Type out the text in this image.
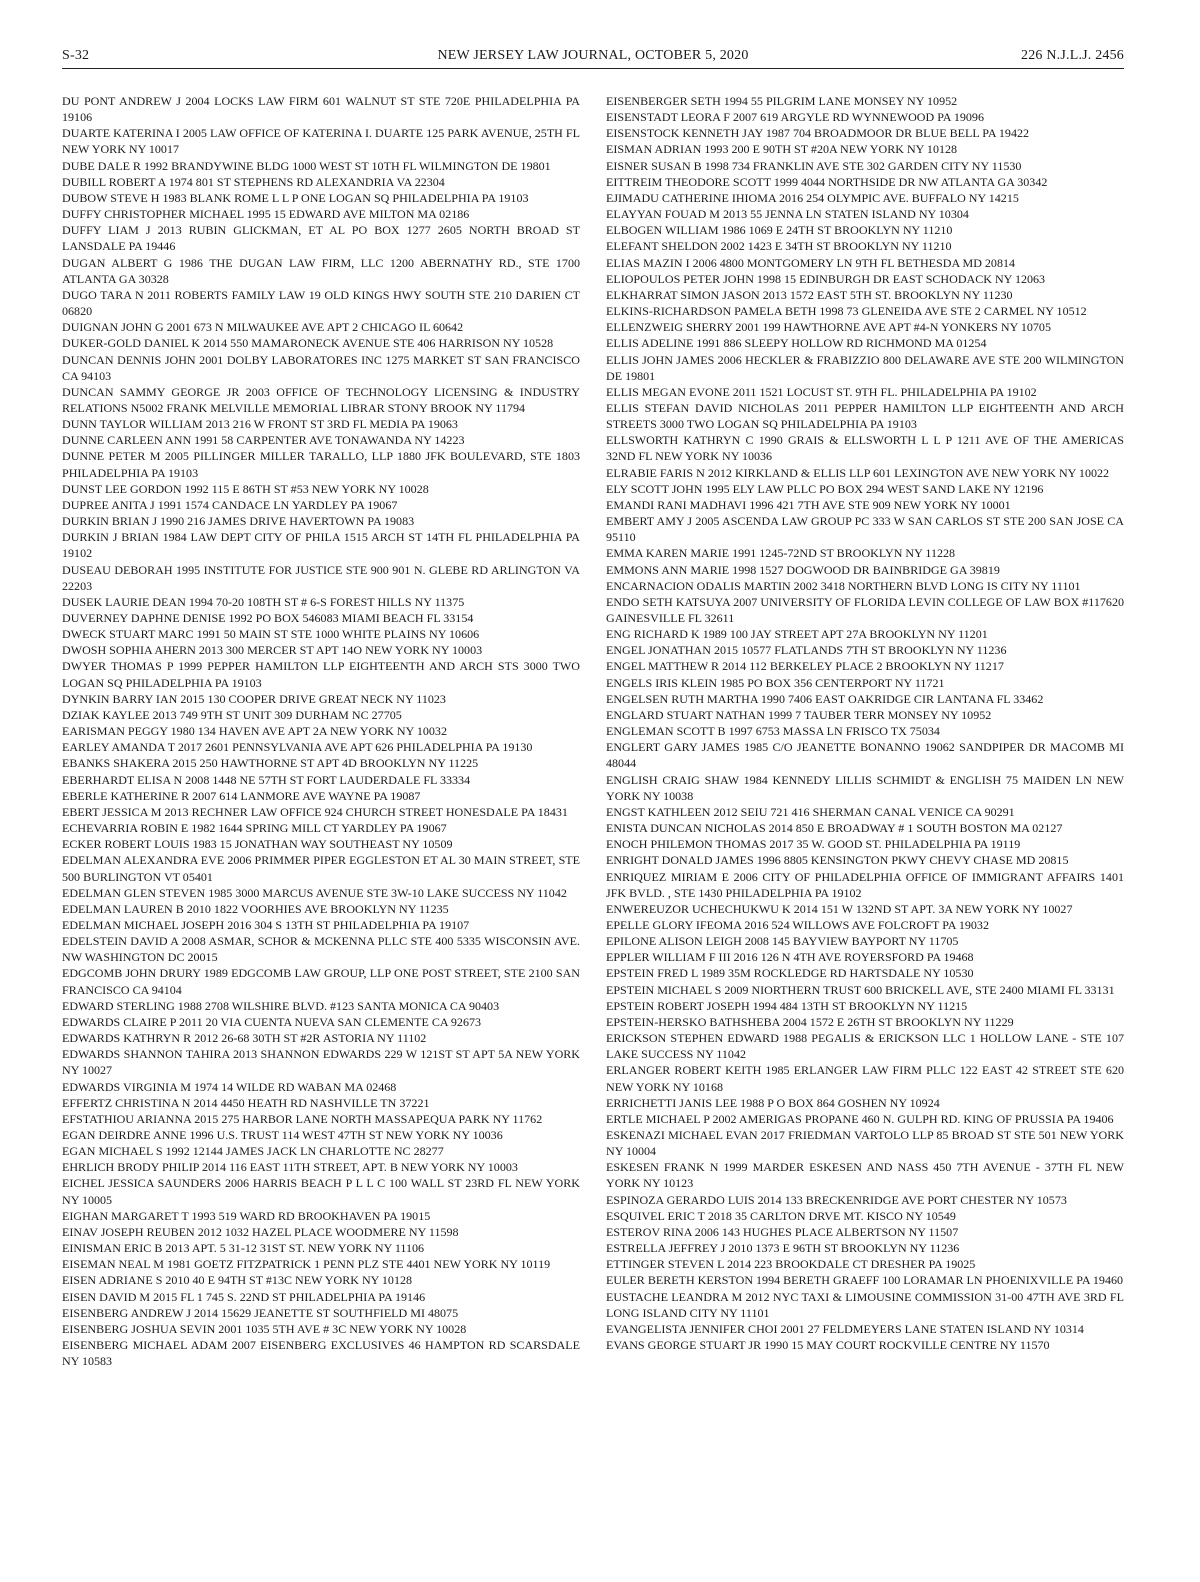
S-32	NEW JERSEY LAW JOURNAL, OCTOBER 5, 2020	226 N.J.L.J. 2456
DU PONT ANDREW J 2004 LOCKS LAW FIRM 601 WALNUT ST STE 720E PHILADELPHIA PA 19106
DUARTE KATERINA I 2005 LAW OFFICE OF KATERINA I. DUARTE 125 PARK AVENUE, 25TH FL NEW YORK NY 10017
DUBE DALE R 1992 BRANDYWINE BLDG 1000 WEST ST 10TH FL WILMINGTON DE 19801
DUBILL ROBERT A 1974 801 ST STEPHENS RD ALEXANDRIA VA 22304
DUBOW STEVE H 1983 BLANK ROME L L P ONE LOGAN SQ PHILADELPHIA PA 19103
DUFFY CHRISTOPHER MICHAEL 1995 15 EDWARD AVE MILTON MA 02186
DUFFY LIAM J 2013 RUBIN GLICKMAN, ET AL PO BOX 1277 2605 NORTH BROAD ST LANSDALE PA 19446
DUGAN ALBERT G 1986 THE DUGAN LAW FIRM, LLC 1200 ABERNATHY RD., STE 1700 ATLANTA GA 30328
DUGO TARA N 2011 ROBERTS FAMILY LAW 19 OLD KINGS HWY SOUTH STE 210 DARIEN CT 06820
DUIGNAN JOHN G 2001 673 N MILWAUKEE AVE APT 2 CHICAGO IL 60642
DUKER-GOLD DANIEL K 2014 550 MAMARONECK AVENUE STE 406 HARRISON NY 10528
DUNCAN DENNIS JOHN 2001 DOLBY LABORATORES INC 1275 MARKET ST SAN FRANCISCO CA 94103
DUNCAN SAMMY GEORGE JR 2003 OFFICE OF TECHNOLOGY LICENSING & INDUSTRY RELATIONS N5002 FRANK MELVILLE MEMORIAL LIBRAR STONY BROOK NY 11794
DUNN TAYLOR WILLIAM 2013 216 W FRONT ST 3RD FL MEDIA PA 19063
DUNNE CARLEEN ANN 1991 58 CARPENTER AVE TONAWANDA NY 14223
DUNNE PETER M 2005 PILLINGER MILLER TARALLO, LLP 1880 JFK BOULEVARD, STE 1803 PHILADELPHIA PA 19103
DUNST LEE GORDON 1992 115 E 86TH ST #53 NEW YORK NY 10028
DUPREE ANITA J 1991 1574 CANDACE LN YARDLEY PA 19067
DURKIN BRIAN J 1990 216 JAMES DRIVE HAVERTOWN PA 19083
DURKIN J BRIAN 1984 LAW DEPT CITY OF PHILA 1515 ARCH ST 14TH FL PHILADELPHIA PA 19102
DUSEAU DEBORAH 1995 INSTITUTE FOR JUSTICE STE 900 901 N. GLEBE RD ARLINGTON VA 22203
DUSEK LAURIE DEAN 1994 70-20 108TH ST # 6-S FOREST HILLS NY 11375
DUVERNEY DAPHNE DENISE 1992 PO BOX 546083 MIAMI BEACH FL 33154
DWECK STUART MARC 1991 50 MAIN ST STE 1000 WHITE PLAINS NY 10606
DWOSH SOPHIA AHERN 2013 300 MERCER ST APT 14O NEW YORK NY 10003
DWYER THOMAS P 1999 PEPPER HAMILTON LLP EIGHTEENTH AND ARCH STS 3000 TWO LOGAN SQ PHILADELPHIA PA 19103
DYNKIN BARRY IAN 2015 130 COOPER DRIVE GREAT NECK NY 11023
DZIAK KAYLEE 2013 749 9TH ST UNIT 309 DURHAM NC 27705
EARISMAN PEGGY 1980 134 HAVEN AVE APT 2A NEW YORK NY 10032
EARLEY AMANDA T 2017 2601 PENNSYLVANIA AVE APT 626 PHILADELPHIA PA 19130
EBANKS SHAKERA 2015 250 HAWTHORNE ST APT 4D BROOKLYN NY 11225
EBERHARDT ELISA N 2008 1448 NE 57TH ST FORT LAUDERDALE FL 33334
EBERLE KATHERINE R 2007 614 LANMORE AVE WAYNE PA 19087
EBERT JESSICA M 2013 RECHNER LAW OFFICE 924 CHURCH STREET HONESDALE PA 18431
ECHEVARRIA ROBIN E 1982 1644 SPRING MILL CT YARDLEY PA 19067
ECKER ROBERT LOUIS 1983 15 JONATHAN WAY SOUTHEAST NY 10509
EDELMAN ALEXANDRA EVE 2006 PRIMMER PIPER EGGLESTON ET AL 30 MAIN STREET, STE 500 BURLINGTON VT 05401
EDELMAN GLEN STEVEN 1985 3000 MARCUS AVENUE STE 3W-10 LAKE SUCCESS NY 11042
EDELMAN LAUREN B 2010 1822 VOORHIES AVE BROOKLYN NY 11235
EDELMAN MICHAEL JOSEPH 2016 304 S 13TH ST PHILADELPHIA PA 19107
EDELSTEIN DAVID A 2008 ASMAR, SCHOR & MCKENNA PLLC STE 400 5335 WISCONSIN AVE. NW WASHINGTON DC 20015
EDGCOMB JOHN DRURY 1989 EDGCOMB LAW GROUP, LLP ONE POST STREET, STE 2100 SAN FRANCISCO CA 94104
EDWARD STERLING 1988 2708 WILSHIRE BLVD. #123 SANTA MONICA CA 90403
EDWARDS CLAIRE P 2011 20 VIA CUENTA NUEVA SAN CLEMENTE CA 92673
EDWARDS KATHRYN R 2012 26-68 30TH ST #2R ASTORIA NY 11102
EDWARDS SHANNON TAHIRA 2013 SHANNON EDWARDS 229 W 121ST ST APT 5A NEW YORK NY 10027
EDWARDS VIRGINIA M 1974 14 WILDE RD WABAN MA 02468
EFFERTZ CHRISTINA N 2014 4450 HEATH RD NASHVILLE TN 37221
EFSTATHIOU ARIANNA 2015 275 HARBOR LANE NORTH MASSAPEQUA PARK NY 11762
EGAN DEIRDRE ANNE 1996 U.S. TRUST 114 WEST 47TH ST NEW YORK NY 10036
EGAN MICHAEL S 1992 12144 JAMES JACK LN CHARLOTTE NC 28277
EHRLICH BRODY PHILIP 2014 116 EAST 11TH STREET, APT. B NEW YORK NY 10003
EICHEL JESSICA SAUNDERS 2006 HARRIS BEACH P L L C 100 WALL ST 23RD FL NEW YORK NY 10005
EIGHAN MARGARET T 1993 519 WARD RD BROOKHAVEN PA 19015
EINAV JOSEPH REUBEN 2012 1032 HAZEL PLACE WOODMERE NY 11598
EINISMAN ERIC B 2013 APT. 5 31-12 31ST ST. NEW YORK NY 11106
EISEMAN NEAL M 1981 GOETZ FITZPATRICK 1 PENN PLZ STE 4401 NEW YORK NY 10119
EISEN ADRIANE S 2010 40 E 94TH ST #13C NEW YORK NY 10128
EISEN DAVID M 2015 FL 1 745 S. 22ND ST PHILADELPHIA PA 19146
EISENBERG ANDREW J 2014 15629 JEANETTE ST SOUTHFIELD MI 48075
EISENBERG JOSHUA SEVIN 2001 1035 5TH AVE # 3C NEW YORK NY 10028
EISENBERG MICHAEL ADAM 2007 EISENBERG EXCLUSIVES 46 HAMPTON RD SCARSDALE NY 10583
EISENBERGER SETH 1994 55 PILGRIM LANE MONSEY NY 10952
EISENSTADT LEORA F 2007 619 ARGYLE RD WYNNEWOOD PA 19096
EISENSTOCK KENNETH JAY 1987 704 BROADMOOR DR BLUE BELL PA 19422
EISMAN ADRIAN 1993 200 E 90TH ST #20A NEW YORK NY 10128
EISNER SUSAN B 1998 734 FRANKLIN AVE STE 302 GARDEN CITY NY 11530
EITTREIM THEODORE SCOTT 1999 4044 NORTHSIDE DR NW ATLANTA GA 30342
EJIMADU CATHERINE IHIOMA 2016 254 OLYMPIC AVE. BUFFALO NY 14215
ELAYYAN FOUAD M 2013 55 JENNA LN STATEN ISLAND NY 10304
ELBOGEN WILLIAM 1986 1069 E 24TH ST BROOKLYN NY 11210
ELEFANT SHELDON 2002 1423 E 34TH ST BROOKLYN NY 11210
ELIAS MAZIN I 2006 4800 MONTGOMERY LN 9TH FL BETHESDA MD 20814
ELIOPOULOS PETER JOHN 1998 15 EDINBURGH DR EAST SCHODACK NY 12063
ELKHARRAT SIMON JASON 2013 1572 EAST 5TH ST. BROOKLYN NY 11230
ELKINS-RICHARDSON PAMELA BETH 1998 73 GLENEIDA AVE STE 2 CARMEL NY 10512
ELLENZWEIG SHERRY 2001 199 HAWTHORNE AVE APT #4-N YONKERS NY 10705
ELLIS ADELINE 1991 886 SLEEPY HOLLOW RD RICHMOND MA 01254
ELLIS JOHN JAMES 2006 HECKLER & FRABIZZIO 800 DELAWARE AVE STE 200 WILMINGTON DE 19801
ELLIS MEGAN EVONE 2011 1521 LOCUST ST. 9TH FL. PHILADELPHIA PA 19102
ELLIS STEFAN DAVID NICHOLAS 2011 PEPPER HAMILTON LLP EIGHTEENTH AND ARCH STREETS 3000 TWO LOGAN SQ PHILADELPHIA PA 19103
ELLSWORTH KATHRYN C 1990 GRAIS & ELLSWORTH L L P 1211 AVE OF THE AMERICAS 32ND FL NEW YORK NY 10036
ELRABIE FARIS N 2012 KIRKLAND & ELLIS LLP 601 LEXINGTON AVE NEW YORK NY 10022
ELY SCOTT JOHN 1995 ELY LAW PLLC PO BOX 294 WEST SAND LAKE NY 12196
EMANDI RANI MADHAVI 1996 421 7TH AVE STE 909 NEW YORK NY 10001
EMBERT AMY J 2005 ASCENDA LAW GROUP PC 333 W SAN CARLOS ST STE 200 SAN JOSE CA 95110
EMMA KAREN MARIE 1991 1245-72ND ST BROOKLYN NY 11228
EMMONS ANN MARIE 1998 1527 DOGWOOD DR BAINBRIDGE GA 39819
ENCARNACION ODALIS MARTIN 2002 3418 NORTHERN BLVD LONG IS CITY NY 11101
ENDO SETH KATSUYA 2007 UNIVERSITY OF FLORIDA LEVIN COLLEGE OF LAW BOX #117620 GAINESVILLE FL 32611
ENG RICHARD K 1989 100 JAY STREET APT 27A BROOKLYN NY 11201
ENGEL JONATHAN 2015 10577 FLATLANDS 7TH ST BROOKLYN NY 11236
ENGEL MATTHEW R 2014 112 BERKELEY PLACE 2 BROOKLYN NY 11217
ENGELS IRIS KLEIN 1985 PO BOX 356 CENTERPORT NY 11721
ENGELSEN RUTH MARTHA 1990 7406 EAST OAKRIDGE CIR LANTANA FL 33462
ENGLARD STUART NATHAN 1999 7 TAUBER TERR MONSEY NY 10952
ENGLEMAN SCOTT B 1997 6753 MASSA LN FRISCO TX 75034
ENGLERT GARY JAMES 1985 C/O JEANETTE BONANNO 19062 SANDPIPER DR MACOMB MI 48044
ENGLISH CRAIG SHAW 1984 KENNEDY LILLIS SCHMIDT & ENGLISH 75 MAIDEN LN NEW YORK NY 10038
ENGST KATHLEEN 2012 SEIU 721 416 SHERMAN CANAL VENICE CA 90291
ENISTA DUNCAN NICHOLAS 2014 850 E BROADWAY # 1 SOUTH BOSTON MA 02127
ENOCH PHILEMON THOMAS 2017 35 W. GOOD ST. PHILADELPHIA PA 19119
ENRIGHT DONALD JAMES 1996 8805 KENSINGTON PKWY CHEVY CHASE MD 20815
ENRIQUEZ MIRIAM E 2006 CITY OF PHILADELPHIA OFFICE OF IMMIGRANT AFFAIRS 1401 JFK BVLD. , STE 1430 PHILADELPHIA PA 19102
ENWEREUZOR UCHECHUKWU K 2014 151 W 132ND ST APT. 3A NEW YORK NY 10027
EPELLE GLORY IFEOMA 2016 524 WILLOWS AVE FOLCROFT PA 19032
EPILONE ALISON LEIGH 2008 145 BAYVIEW BAYPORT NY 11705
EPPLER WILLIAM F III 2016 126 N 4TH AVE ROYERSFORD PA 19468
EPSTEIN FRED L 1989 35M ROCKLEDGE RD HARTSDALE NY 10530
EPSTEIN MICHAEL S 2009 NIORTHERN TRUST 600 BRICKELL AVE, STE 2400 MIAMI FL 33131
EPSTEIN ROBERT JOSEPH 1994 484 13TH ST BROOKLYN NY 11215
EPSTEIN-HERSKO BATHSHEBA 2004 1572 E 26TH ST BROOKLYN NY 11229
ERICKSON STEPHEN EDWARD 1988 PEGALIS & ERICKSON LLC 1 HOLLOW LANE - STE 107 LAKE SUCCESS NY 11042
ERLANGER ROBERT KEITH 1985 ERLANGER LAW FIRM PLLC 122 EAST 42 STREET STE 620 NEW YORK NY 10168
ERRICHETTI JANIS LEE 1988 P O BOX 864 GOSHEN NY 10924
ERTLE MICHAEL P 2002 AMERIGAS PROPANE 460 N. GULPH RD. KING OF PRUSSIA PA 19406
ESKENAZI MICHAEL EVAN 2017 FRIEDMAN VARTOLO LLP 85 BROAD ST STE 501 NEW YORK NY 10004
ESKESEN FRANK N 1999 MARDER ESKESEN AND NASS 450 7TH AVENUE - 37TH FL NEW YORK NY 10123
ESPINOZA GERARDO LUIS 2014 133 BRECKENRIDGE AVE PORT CHESTER NY 10573
ESQUIVEL ERIC T 2018 35 CARLTON DRVE MT. KISCO NY 10549
ESTEROV RINA 2006 143 HUGHES PLACE ALBERTSON NY 11507
ESTRELLA JEFFREY J 2010 1373 E 96TH ST BROOKLYN NY 11236
ETTINGER STEVEN L 2014 223 BROOKDALE CT DRESHER PA 19025
EULER BERETH KERSTON 1994 BERETH GRAEFF 100 LORAMAR LN PHOENIXVILLE PA 19460
EUSTACHE LEANDRA M 2012 NYC TAXI & LIMOUSINE COMMISSION 31-00 47TH AVE 3RD FL LONG ISLAND CITY NY 11101
EVANGELISTA JENNIFER CHOI 2001 27 FELDMEYERS LANE STATEN ISLAND NY 10314
EVANS GEORGE STUART JR 1990 15 MAY COURT ROCKVILLE CENTRE NY 11570
